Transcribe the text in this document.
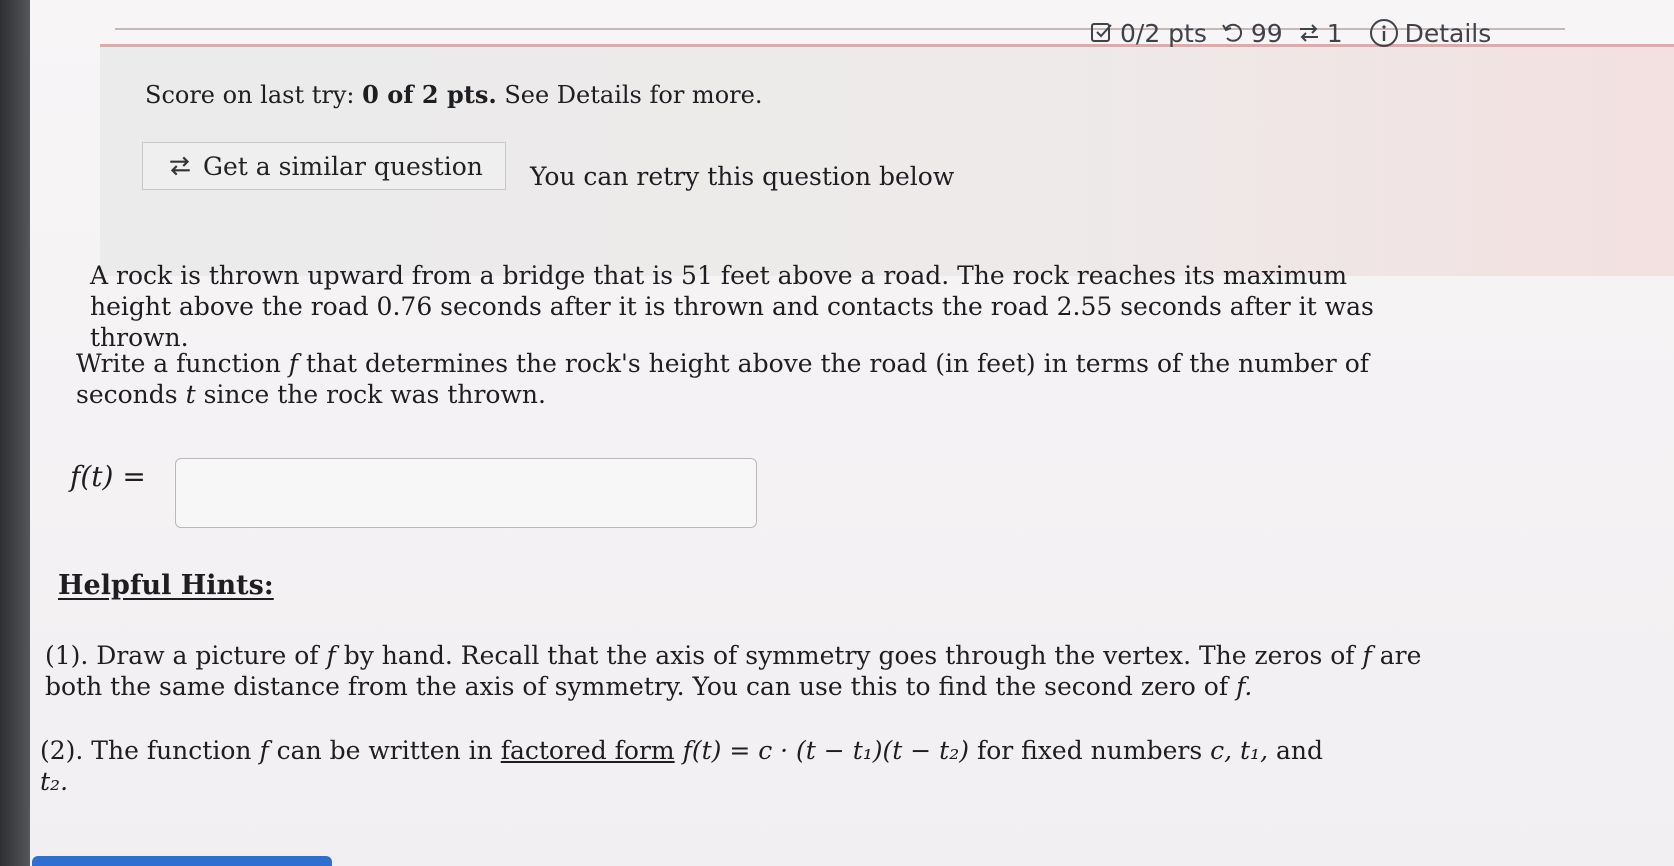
0/2 pts 99 1 Details
Score on last try: 0 of 2 pts. See Details for more.
Get a similar question You can retry this question below
A rock is thrown upward from a bridge that is 51 feet above a road. The rock reaches its maximum height above the road 0.76 seconds after it is thrown and contacts the road 2.55 seconds after it was thrown.
Write a function f that determines the rock's height above the road (in feet) in terms of the number of seconds t since the rock was thrown.
f(t) =
Helpful Hints:
(1). Draw a picture of f by hand. Recall that the axis of symmetry goes through the vertex. The zeros of f are both the same distance from the axis of symmetry. You can use this to find the second zero of f.
(2). The function f can be written in factored form f(t) = c · (t − t₁)(t − t₂) for fixed numbers c, t₁, and
t₂.
